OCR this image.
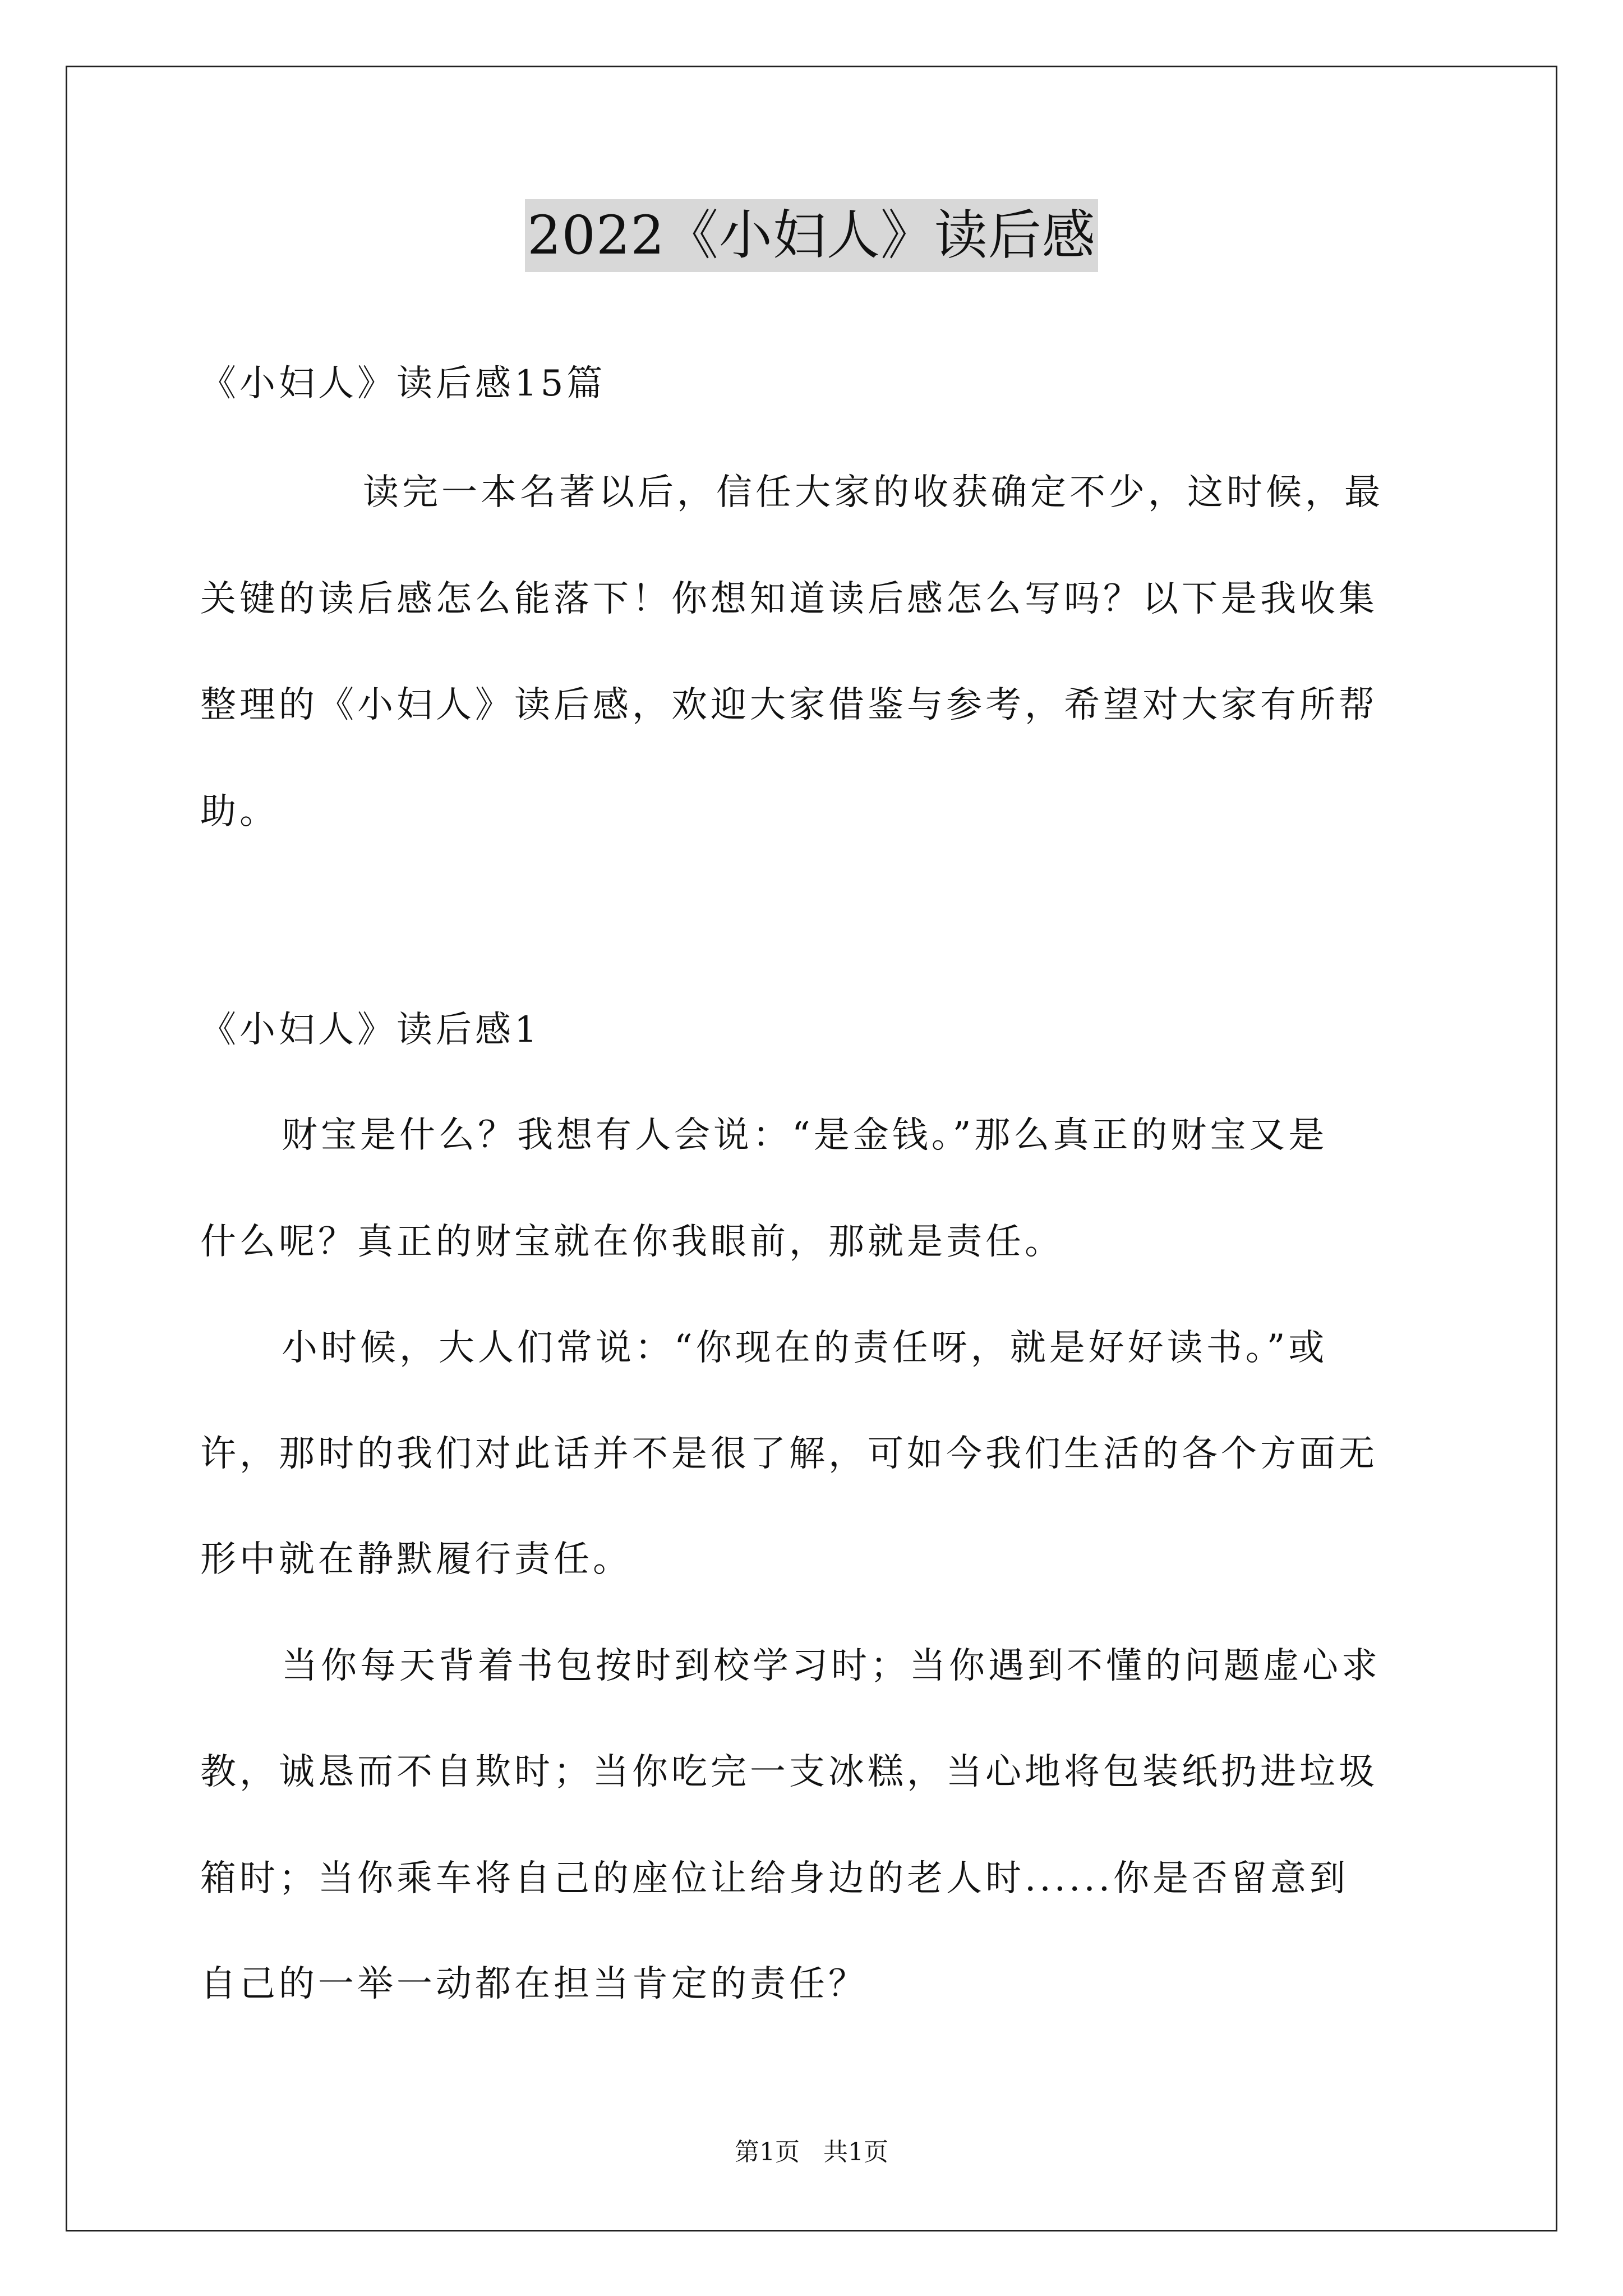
2022《小妇人》读后感
《小妇人》读后感15篇
读完一本名著以后，信任大家的收获确定不少，这时候，最
关键的读后感怎么能落下！你想知道读后感怎么写吗？以下是我收集
整理的《小妇人》读后感，欢迎大家借鉴与参考，希望对大家有所帮
助。
《小妇人》读后感1
财宝是什么？我想有人会说：“是金钱。”那么真正的财宝又是
什么呢？真正的财宝就在你我眼前，那就是责任。
小时候，大人们常说：“你现在的责任呀，就是好好读书。”或
许，那时的我们对此话并不是很了解，可如今我们生活的各个方面无
形中就在静默履行责任。
当你每天背着书包按时到校学习时；当你遇到不懂的问题虚心求
教，诚恳而不自欺时；当你吃完一支冰糕，当心地将包装纸扔进垃圾
箱时；当你乘车将自己的座位让给身边的老人时......你是否留意到
自己的一举一动都在担当肯定的责任？
第1页   共1页
